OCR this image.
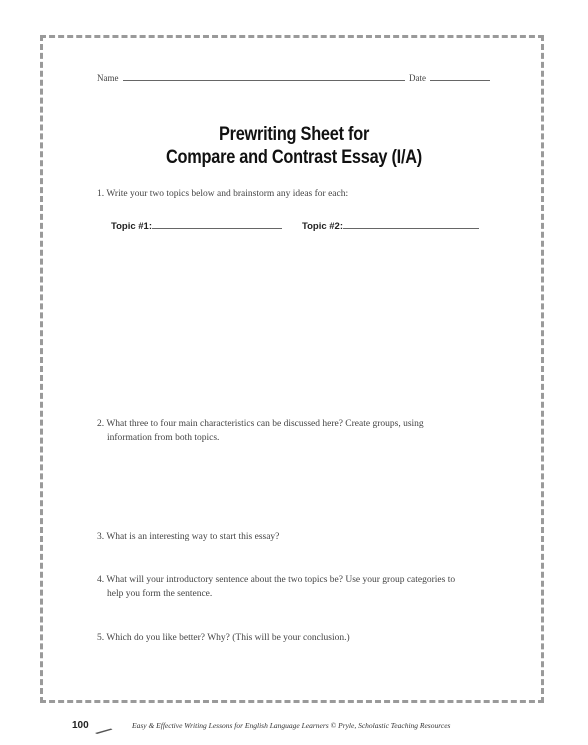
Name	Date
Prewriting Sheet for
Compare and Contrast Essay (I/A)
1. Write your two topics below and brainstorm any ideas for each:
Topic #1:	Topic #2:
2. What three to four main characteristics can be discussed here? Create groups, using
information from both topics.
3. What is an interesting way to start this essay?
4. What will your introductory sentence about the two topics be? Use your group categories to
help you form the sentence.
5. Which do you like better? Why? (This will be your conclusion.)
100	Easy & Effective Writing Lessons for English Language Learners © Pryle, Scholastic Teaching Resources
